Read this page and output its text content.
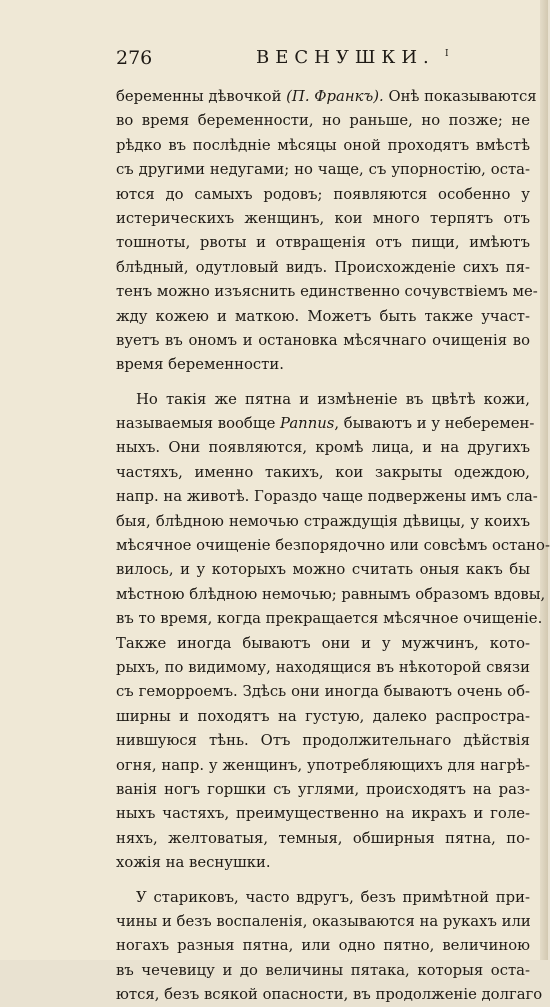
276	ВЕСНУШКИ. I
беременны дѣвочкой (П. Франкъ). Онѣ показываются
во время беременности, но раньше, но позже; не
рѣдко въ послѣдніе мѣсяцы оной проходятъ вмѣстѣ
съ другими недугами; но чаще, съ упорностію, оста-
ются до самыхъ родовъ; появляются особенно у
истерическихъ женщинъ, кои много терпятъ отъ
тошноты, рвоты и отвращенія отъ пищи, имѣютъ
блѣдный, одутловый видъ. Происхожденіе сихъ пя-
тенъ можно изъяснить единственно сочувствіемъ ме-
жду кожею и маткою. Можетъ быть также участ-
вуетъ въ ономъ и остановка мѣсячнаго очищенія во
время беременности.
Но такія же пятна и измѣненіе въ цвѣтѣ кожи,
называемыя вообще Pannus, бываютъ и у неберемен-
ныхъ. Они появляются, кромѣ лица, и на другихъ
частяхъ, именно такихъ, кои закрыты одеждою,
напр. на животѣ. Гораздо чаще подвержены имъ сла-
быя, блѣдною немочью страждущія дѣвицы, у коихъ
мѣсячное очищеніе безпорядочно или совсѣмъ остано-
вилось, и у которыхъ можно считать оныя какъ бы
мѣстною блѣдною немочью; равнымъ образомъ вдовы,
въ то время, когда прекращается мѣсячное очищеніе.
Также иногда бываютъ они и у мужчинъ, кото-
рыхъ, по видимому, находящися въ нѣкоторой связи
съ геморроемъ. Здѣсь они иногда бываютъ очень об-
ширны и походятъ на густую, далеко распростра-
нившуюся тѣнь. Отъ продолжительнаго дѣйствія
огня, напр. у женщинъ, употребляющихъ для нагрѣ-
ванія ногъ горшки съ углями, происходятъ на раз-
ныхъ частяхъ, преимущественно на икрахъ и голе-
няхъ, желтоватыя, темныя, обширныя пятна, по-
хожія на веснушки.
У стариковъ, часто вдругъ, безъ примѣтной при-
чины и безъ воспаленія, оказываются на рукахъ или
ногахъ разныя пятна, или одно пятно, величиною
въ чечевицу и до величины пятака, которыя оста-
ются, безъ всякой опасности, въ продолженіе долгаго
